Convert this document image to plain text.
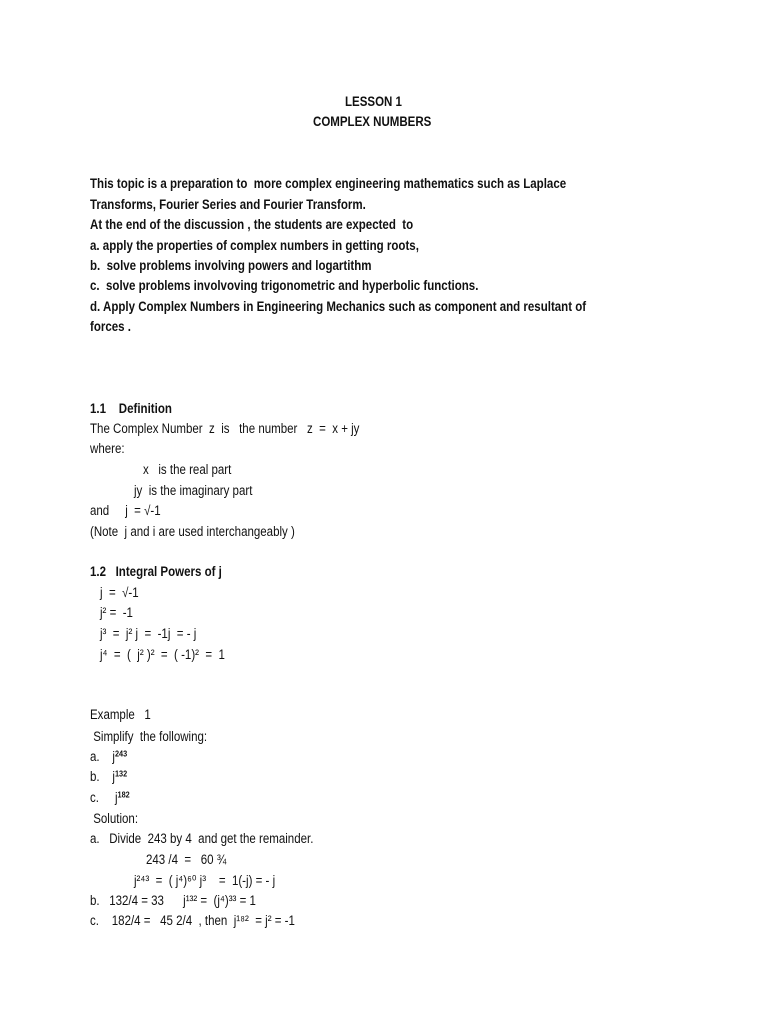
LESSON 1
COMPLEX NUMBERS
This topic is a preparation to  more complex engineering mathematics such as Laplace
Transforms, Fourier Series and Fourier Transform.
At the end of the discussion , the students are expected  to
a. apply the properties of complex numbers in getting roots,
b.  solve problems involving powers and logartithm
c.  solve problems involvoving trigonometric and hyperbolic functions.
d. Apply Complex Numbers in Engineering Mechanics such as component and resultant of
forces .
1.1    Definition
The Complex Number  z  is   the number   z  =  x + jy
where:
x   is the real part
jy  is the imaginary part
and     j  = √-1
(Note  j and i are used interchangeably )
1.2   Integral Powers of j
j  =  √-1
j² =  -1
j³  =  j² j  =  -1j  = - j
j⁴  =  (  j² )²  =  ( -1)²  =  1
Example   1
Simplify  the following:
a. $j^{243}$
b. $j^{132}$
c. $j^{182}$
Solution:
a.   Divide  243 by 4  and get the remainder.
243 /4  =   60 ¾
j²⁴³  =  ( j⁴)⁶⁰ j³    =  1(-j) = - j
b.   132/4 = 33      j¹³² =  (j⁴)³³ = 1
c.    182/4 =   45 2/4  , then  j¹⁸²  = j² = -1
